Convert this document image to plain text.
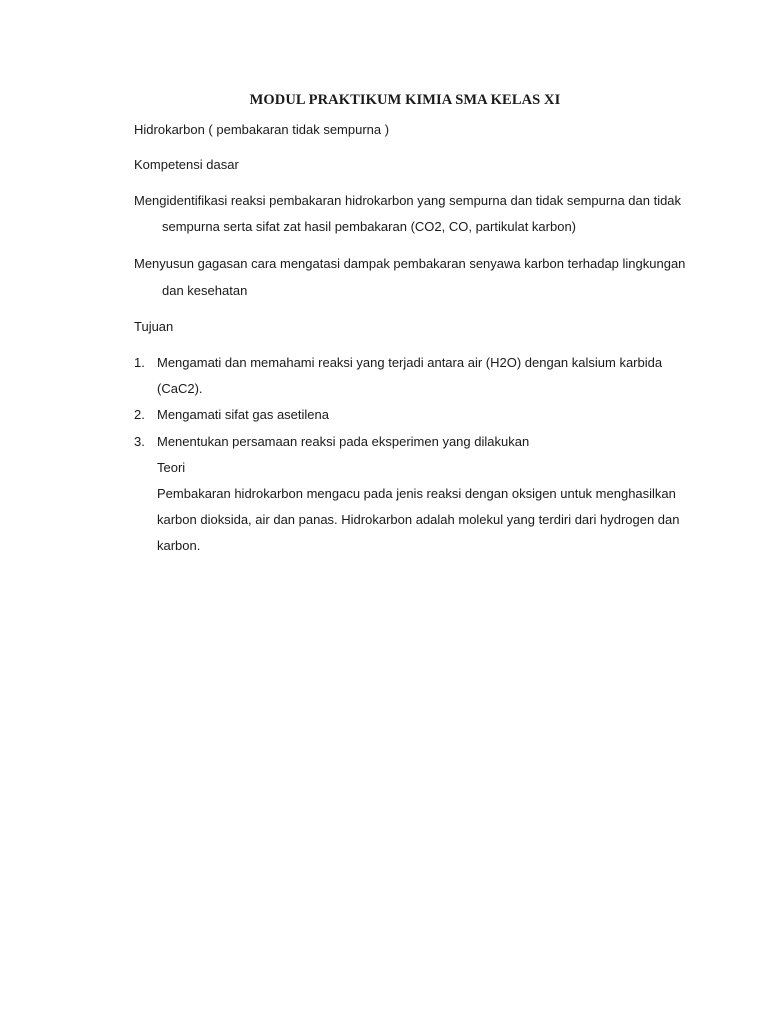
MODUL PRAKTIKUM KIMIA SMA KELAS XI
Hidrokarbon ( pembakaran tidak sempurna )
Kompetensi dasar
Mengidentifikasi reaksi pembakaran hidrokarbon yang sempurna dan tidak sempurna dan tidak
sempurna serta sifat zat hasil pembakaran (CO2, CO, partikulat karbon)
Menyusun gagasan cara mengatasi dampak pembakaran senyawa karbon terhadap lingkungan
dan kesehatan
Tujuan
1. Mengamati dan memahami reaksi yang terjadi antara air (H2O) dengan kalsium karbida
(CaC2).
2. Mengamati sifat gas asetilena
3. Menentukan persamaan reaksi pada eksperimen yang dilakukan
Teori
Pembakaran hidrokarbon mengacu pada jenis reaksi dengan oksigen untuk menghasilkan
karbon dioksida, air dan panas. Hidrokarbon adalah molekul yang terdiri dari hydrogen dan
karbon.
